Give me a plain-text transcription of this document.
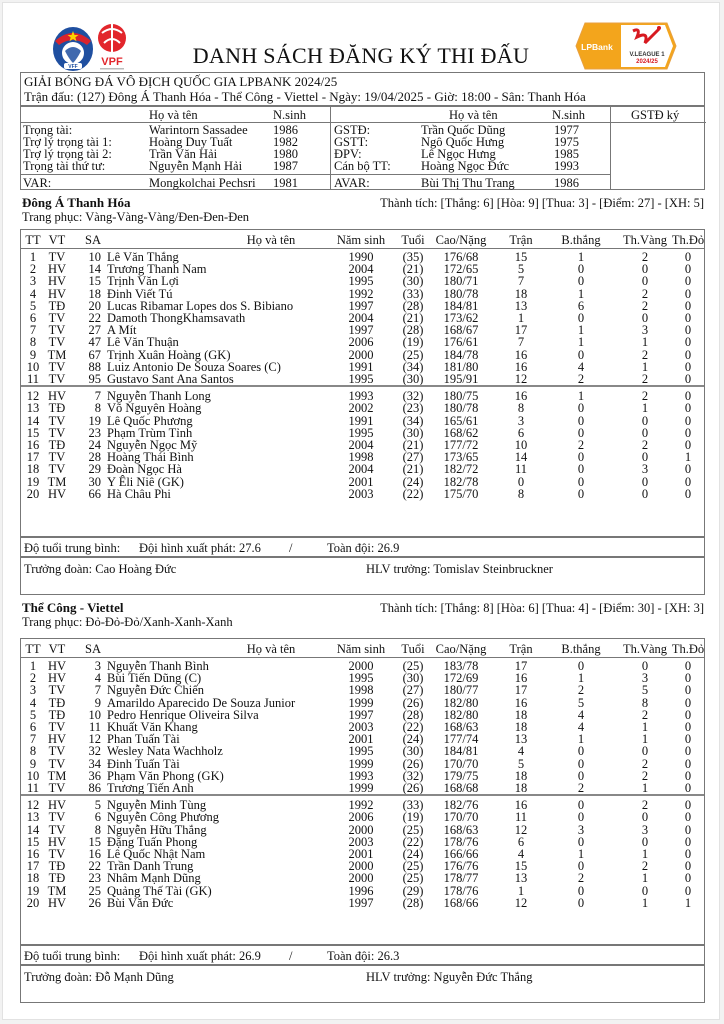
VFF VPF
LPBank
V.LEAGUE 1
2024/25
DANH SÁCH ĐĂNG KÝ THI ĐẤU
GIẢI BÓNG ĐÁ VÔ ĐỊCH QUỐC GIA LPBANK 2024/25
Trận đấu: (127) Đông Á Thanh Hóa - Thể Công - Viettel - Ngày: 19/04/2025 - Giờ: 18:00 - Sân: Thanh Hóa
Họ và tên	N.sinh	Họ và tên	N.sinh	GSTĐ ký
Trọng tài:	Warintorn Sassadee 1986	GSTĐ:	Trần Quốc Dũng	1977
Trợ lý trọng tài 1:	Hoàng Duy Tuất	1982	GSTT:	Ngô Quốc Hưng	1975
Trợ lý trọng tài 2:	Trần Văn Hải	1980	ĐPV:	Lê Ngọc Hưng	1985
Trọng tài thứ tư:	Nguyễn Mạnh Hải 1987	Cán bộ TT: Hoàng Ngọc Đức	1993
VAR:	Mongkolchai Pechsri 1981	AVAR:	Bùi Thị Thu Trang	1986
Đông Á Thanh Hóa	Thành tích: [Thắng: 6] [Hòa: 9] [Thua: 3] - [Điểm: 27] - [XH: 5]
Trang phục: Vàng-Vàng-Vàng/Đen-Đen-Đen
TT VT	SA	Họ và tên	Năm sinh	Tuổi Cao/Nặng	Trận	B.thắng	Th.Vàng Th.Đỏ
1	TV	10 Lê Văn Thắng	1990	(35)	176/68	15	1	2	0
2 HV	14 Trương Thanh Nam	2004	(21)	172/65	5	0	0	0
3 HV	15 Trịnh Văn Lợi	1995	(30)	180/71	7	0	0	0
4 HV	18 Đinh Viết Tú	1992	(33)	180/78	18	1	2	0
5	TĐ	20 Lucas Ribamar Lopes dos S. Bibiano	1997	(28)	184/81	13	6	2	0
6	TV	22 Damoth ThongKhamsavath	2004	(21)	173/62	1	0	0	0
7	TV	27 A Mít	1997	(28)	168/67	17	1	3	0
8	TV	47 Lê Văn Thuận	2006	(19)	176/61	7	1	1	0
9 TM	67 Trịnh Xuân Hoàng (GK)	2000	(25)	184/78	16	0	2	0
10 TV	88 Luiz Antonio De Souza Soares (C)	1991	(34)	181/80	16	4	1	0
11 TV	95 Gustavo Sant Ana Santos	1995	(30)	195/91	12	2	2	0
12 HV	7 Nguyễn Thanh Long	1993	(32)	180/75	16	1	2	0
13 TĐ	8 Võ Nguyên Hoàng	2002	(23)	180/78	8	0	1	0
14 TV	19 Lê Quốc Phương	1991	(34)	165/61	3	0	0	0
15 TV	23 Phạm Trùm Tỉnh	1995	(30)	168/62	6	0	0	0
16 TĐ	24 Nguyễn Ngọc Mỹ	2004	(21)	177/72	10	2	2	0
17 TV	28 Hoàng Thái Bình	1998	(27)	173/65	14	0	0	1
18 TV	29 Đoàn Ngọc Hà	2004	(21)	182/72	11	0	3	0
19 TM	30 Y Êli Niê (GK)	2001	(24)	182/78	0	0	0	0
20 HV	66 Hà Châu Phi	2003	(22)	175/70	8	0	0	0
Độ tuổi trung bình: Đội hình xuất phát: 27.6 /	Toàn đội: 26.9
Trưởng đoàn: Cao Hoàng Đức	HLV trưởng: Tomislav Steinbruckner
Thể Công - Viettel	Thành tích: [Thắng: 8] [Hòa: 6] [Thua: 4] - [Điểm: 30] - [XH: 3]
Trang phục: Đỏ-Đỏ-Đỏ/Xanh-Xanh-Xanh
TT VT	SA	Họ và tên	Năm sinh	Tuổi Cao/Nặng	Trận	B.thắng	Th.Vàng Th.Đỏ
1 HV	3 Nguyễn Thanh Bình	2000	(25)	183/78	17	0	0	0
2 HV	4 Bùi Tiến Dũng (C)	1995	(30)	172/69	16	1	3	0
3	TV	7 Nguyễn Đức Chiến	1998	(27)	180/77	17	2	5	0
4	TĐ	9 Amarildo Aparecido De Souza Junior	1999	(26)	182/80	16	5	8	0
5	TĐ	10 Pedro Henrique Oliveira Silva	1997	(28)	182/80	18	4	2	0
6	TV	11 Khuất Văn Khang	2003	(22)	168/63	18	4	1	0
7 HV	12 Phan Tuấn Tài	2001	(24)	177/74	13	1	1	0
8	TV	32 Wesley Nata Wachholz	1995	(30)	184/81	4	0	0	0
9	TV	34 Đinh Tuấn Tài	1999	(26)	170/70	5	0	2	0
10 TM	36 Phạm Văn Phong (GK)	1993	(32)	179/75	18	0	2	0
11 TV	86 Trương Tiến Anh	1999	(26)	168/68	18	2	1	0
12 HV	5 Nguyễn Minh Tùng	1992	(33)	182/76	16	0	2	0
13 TV	6 Nguyễn Công Phương	2006	(19)	170/70	11	0	0	0
14 TV	8 Nguyễn Hữu Thắng	2000	(25)	168/63	12	3	3	0
15 HV	15 Đặng Tuấn Phong	2003	(22)	178/76	6	0	0	0
16 TV	16 Lê Quốc Nhật Nam	2001	(24)	166/66	4	1	1	0
17 TĐ	22 Trần Danh Trung	2000	(25)	176/76	15	0	2	0
18 TĐ	23 Nhâm Mạnh Dũng	2000	(25)	178/77	13	2	1	0
19 TM	25 Quảng Thế Tài (GK)	1996	(29)	178/76	1	0	0	0
20 HV	26 Bùi Văn Đức	1997	(28)	168/66	12	0	1	1
Độ tuổi trung bình: Đội hình xuất phát: 26.9 /	Toàn đội: 26.3
Trưởng đoàn: Đỗ Mạnh Dũng	HLV trưởng: Nguyễn Đức Thắng
